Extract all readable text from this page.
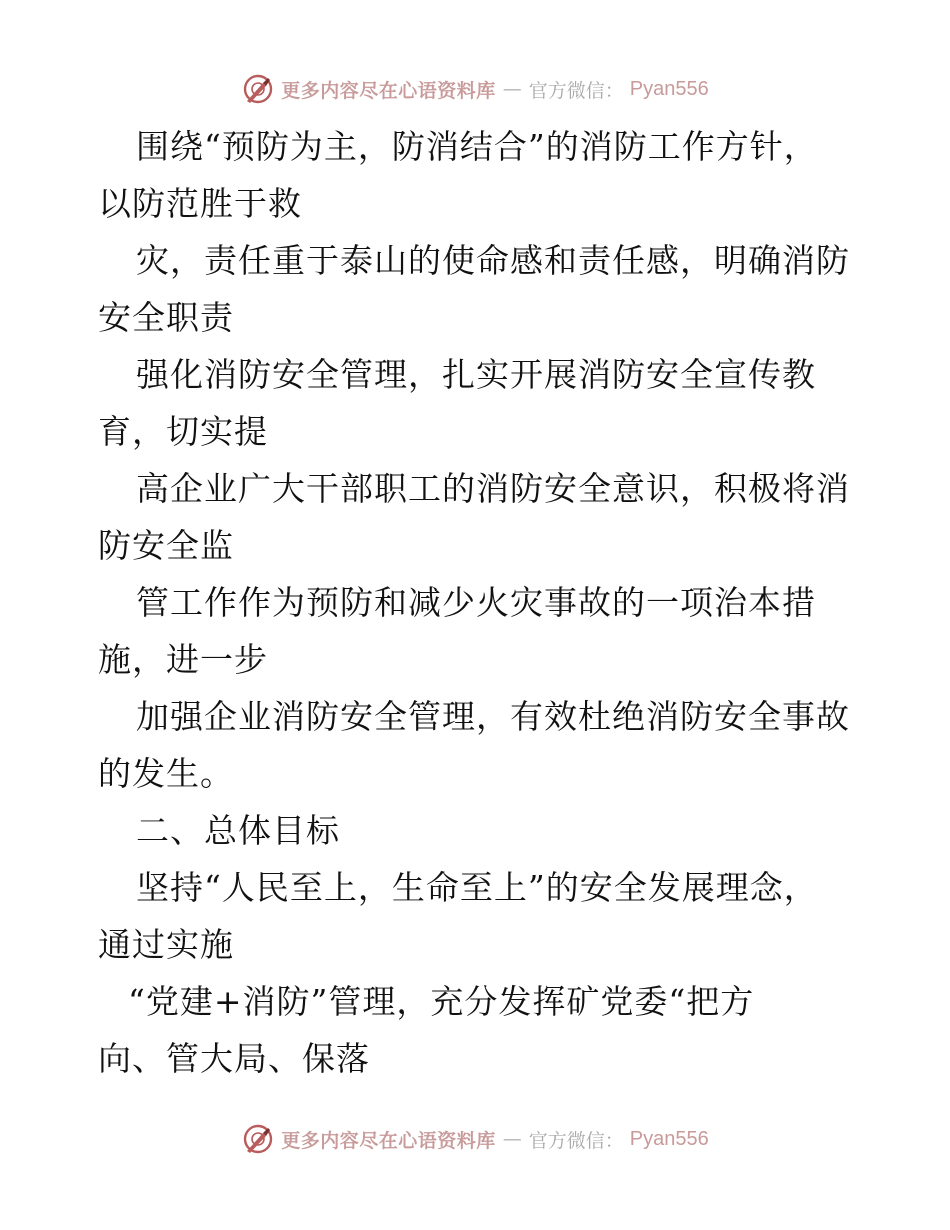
更多内容尽在心语资料库 — 官方微信： Pyan556
围绕“预防为主，防消结合”的消防工作方针，
以防范胜于救
灾，责任重于泰山的使命感和责任感，明确消防
安全职责
强化消防安全管理，扎实开展消防安全宣传教
育，切实提
高企业广大干部职工的消防安全意识，积极将消
防安全监
管工作作为预防和减少火灾事故的一项治本措
施，进一步
加强企业消防安全管理，有效杜绝消防安全事故
的发生。
二、总体目标
坚持“人民至上，生命至上”的安全发展理念，
通过实施
“党建+消防”管理，充分发挥矿党委“把方
向、管大局、保落
更多内容尽在心语资料库 — 官方微信： Pyan556
